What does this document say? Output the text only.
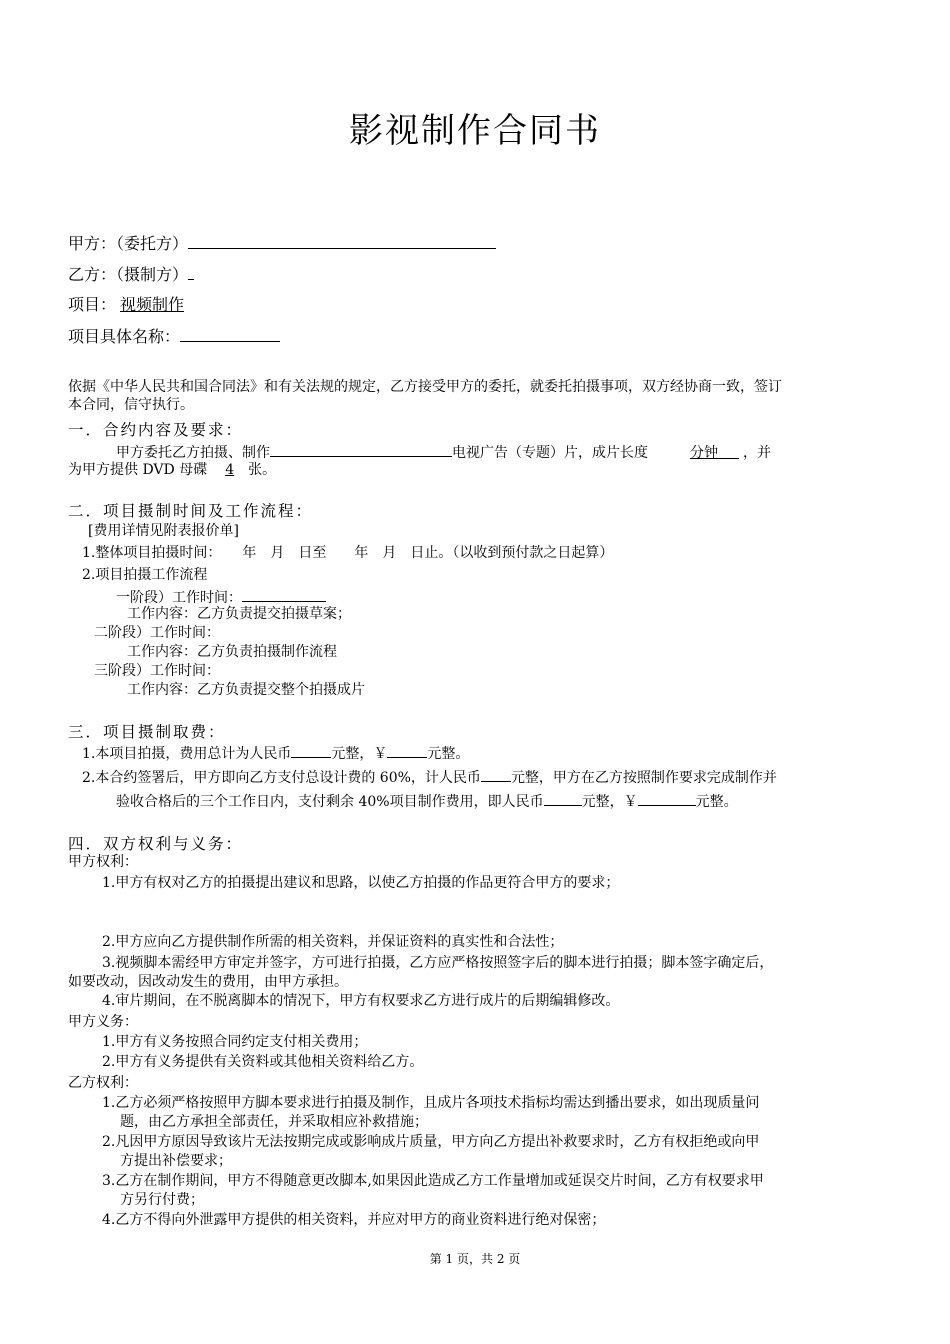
影视制作合同书
甲方：（委托方）
乙方：（摄制方）
项目： 视频制作
项目具体名称：
依据《中华人民共和国合同法》和有关法规的规定，乙方接受甲方的委托，就委托拍摄事项，双方经协商一致，签订
本合同，信守执行。
一．合约内容及要求：
甲方委托乙方拍摄、制作	电视广告（专题）片，成片长度	分钟   ，并
为甲方提供 DVD 母碟 4 张。
二．项目摄制时间及工作流程：
[费用详情见附表报价单]
1.整体项目拍摄时间：　　年　月　日至　　年　月　日止。（以收到预付款之日起算）
2.项目拍摄工作流程
一阶段）工作时间：
工作内容：乙方负责提交拍摄草案；
二阶段）工作时间：
工作内容：乙方负责拍摄制作流程
三阶段）工作时间：
工作内容：乙方负责提交整个拍摄成片
三．项目摄制取费：
1.本项目拍摄，费用总计为人民币	元整，￥	元整。
2.本合约签署后，甲方即向乙方支付总设计费的 60%，计人民币 元整，甲方在乙方按照制作要求完成制作并
验收合格后的三个工作日内，支付剩余 40%项目制作费用，即人民币	元整，￥	元整。
四．双方权利与义务：
甲方权利：
1.甲方有权对乙方的拍摄提出建议和思路，以使乙方拍摄的作品更符合甲方的要求；
2.甲方应向乙方提供制作所需的相关资料，并保证资料的真实性和合法性；
3.视频脚本需经甲方审定并签字，方可进行拍摄，乙方应严格按照签字后的脚本进行拍摄；脚本签字确定后，
如要改动，因改动发生的费用，由甲方承担。
4.审片期间，在不脱离脚本的情况下，甲方有权要求乙方进行成片的后期编辑修改。
甲方义务：
1.甲方有义务按照合同约定支付相关费用；
2.甲方有义务提供有关资料或其他相关资料给乙方。
乙方权利：
1.乙方必须严格按照甲方脚本要求进行拍摄及制作，且成片各项技术指标均需达到播出要求，如出现质量问
题，由乙方承担全部责任，并采取相应补救措施；
2.凡因甲方原因导致该片无法按期完成或影响成片质量，甲方向乙方提出补救要求时，乙方有权拒绝或向甲
方提出补偿要求；
3.乙方在制作期间，甲方不得随意更改脚本,如果因此造成乙方工作量增加或延误交片时间，乙方有权要求甲
方另行付费；
4.乙方不得向外泄露甲方提供的相关资料，并应对甲方的商业资料进行绝对保密；
第 1 页，共 2 页
